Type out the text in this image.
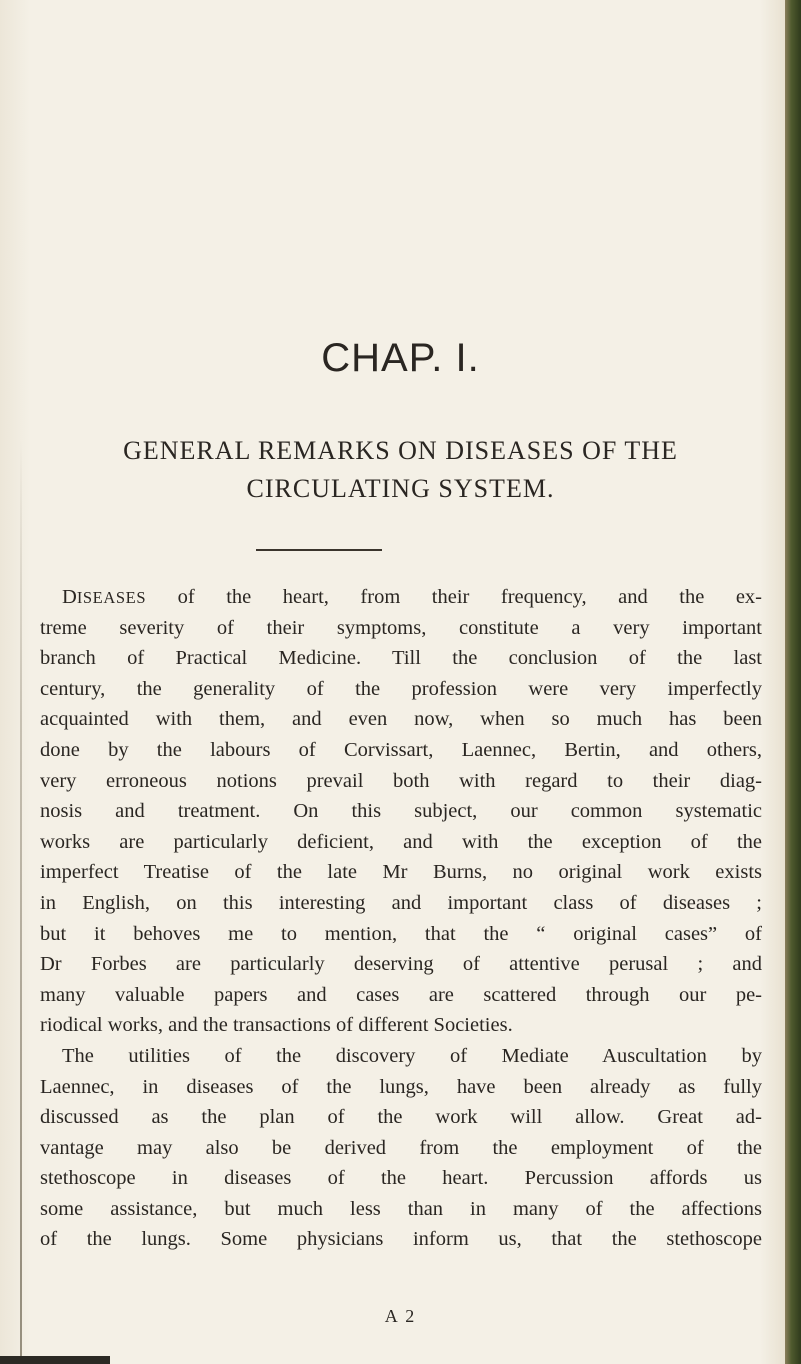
CHAP. I.
GENERAL REMARKS ON DISEASES OF THE
CIRCULATING SYSTEM.
DISEASES of the heart, from their frequency, and the ex-
treme severity of their symptoms, constitute a very important
branch of Practical Medicine. Till the conclusion of the last
century, the generality of the profession were very imperfectly
acquainted with them, and even now, when so much has been
done by the labours of Corvissart, Laennec, Bertin, and others,
very erroneous notions prevail both with regard to their diag-
nosis and treatment. On this subject, our common systematic
works are particularly deficient, and with the exception of the
imperfect Treatise of the late Mr Burns, no original work exists
in English, on this interesting and important class of diseases ;
but it behoves me to mention, that the “ original cases” of
Dr Forbes are particularly deserving of attentive perusal ; and
many valuable papers and cases are scattered through our pe-
riodical works, and the transactions of different Societies.
The utilities of the discovery of Mediate Auscultation by
Laennec, in diseases of the lungs, have been already as fully
discussed as the plan of the work will allow. Great ad-
vantage may also be derived from the employment of the
stethoscope in diseases of the heart. Percussion affords us
some assistance, but much less than in many of the affections
of the lungs. Some physicians inform us, that the stethoscope
A 2
